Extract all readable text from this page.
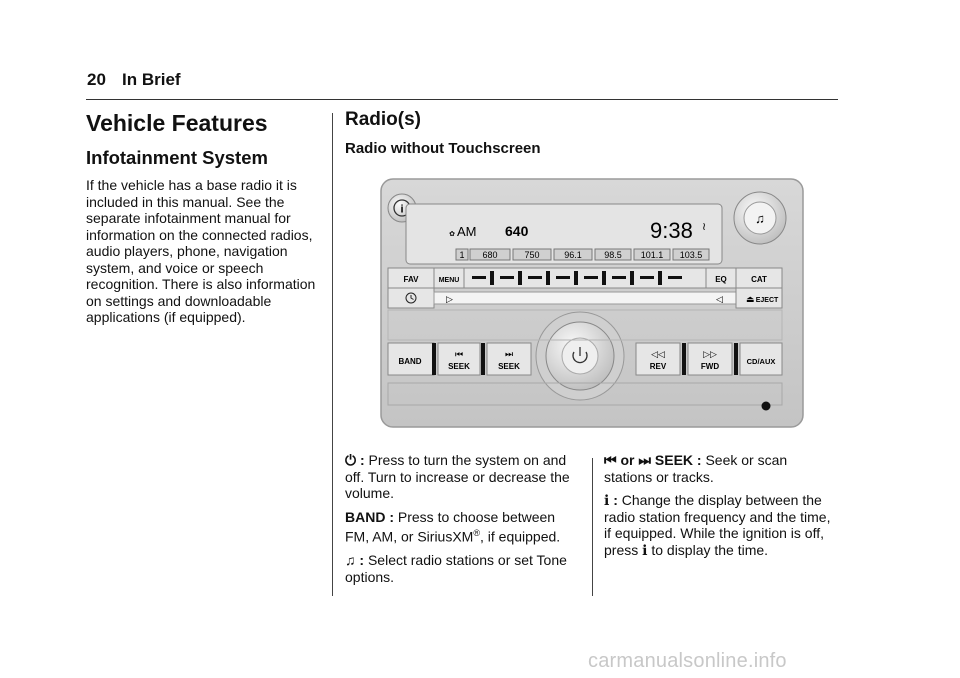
20 In Brief
Vehicle Features
Infotainment System
If the vehicle has a base radio it is included in this manual. See the separate infotainment manual for information on the connected radios, audio players, phone, navigation system, and voice or speech recognition. There is also information on settings and downloadable applications (if equipped).
Radio(s)
Radio without Touchscreen
i
♫
✿ AM 640	9:38 ≀
1 680	750	96.1 98.5 101.1 103.5
FAV	MENU	EQ	CAT
▷	◁	⏏ EJECT
BAND
⏮
SEEK
⏭
SEEK
◁◁
REV
▷▷
FWD
CD/AUX

⏻ : Press to turn the system on and off. Turn to increase or decrease the volume.

BAND : Press to choose between FM, AM, or SiriusXM®, if equipped.

♫ : Select radio stations or set Tone options.

⏮ or ⏭ SEEK : Seek or scan stations or tracks.

ℹ : Change the display between the radio station frequency and the time, if equipped. While the ignition is off, press ℹ to display the time.

carmanualsonline.info
